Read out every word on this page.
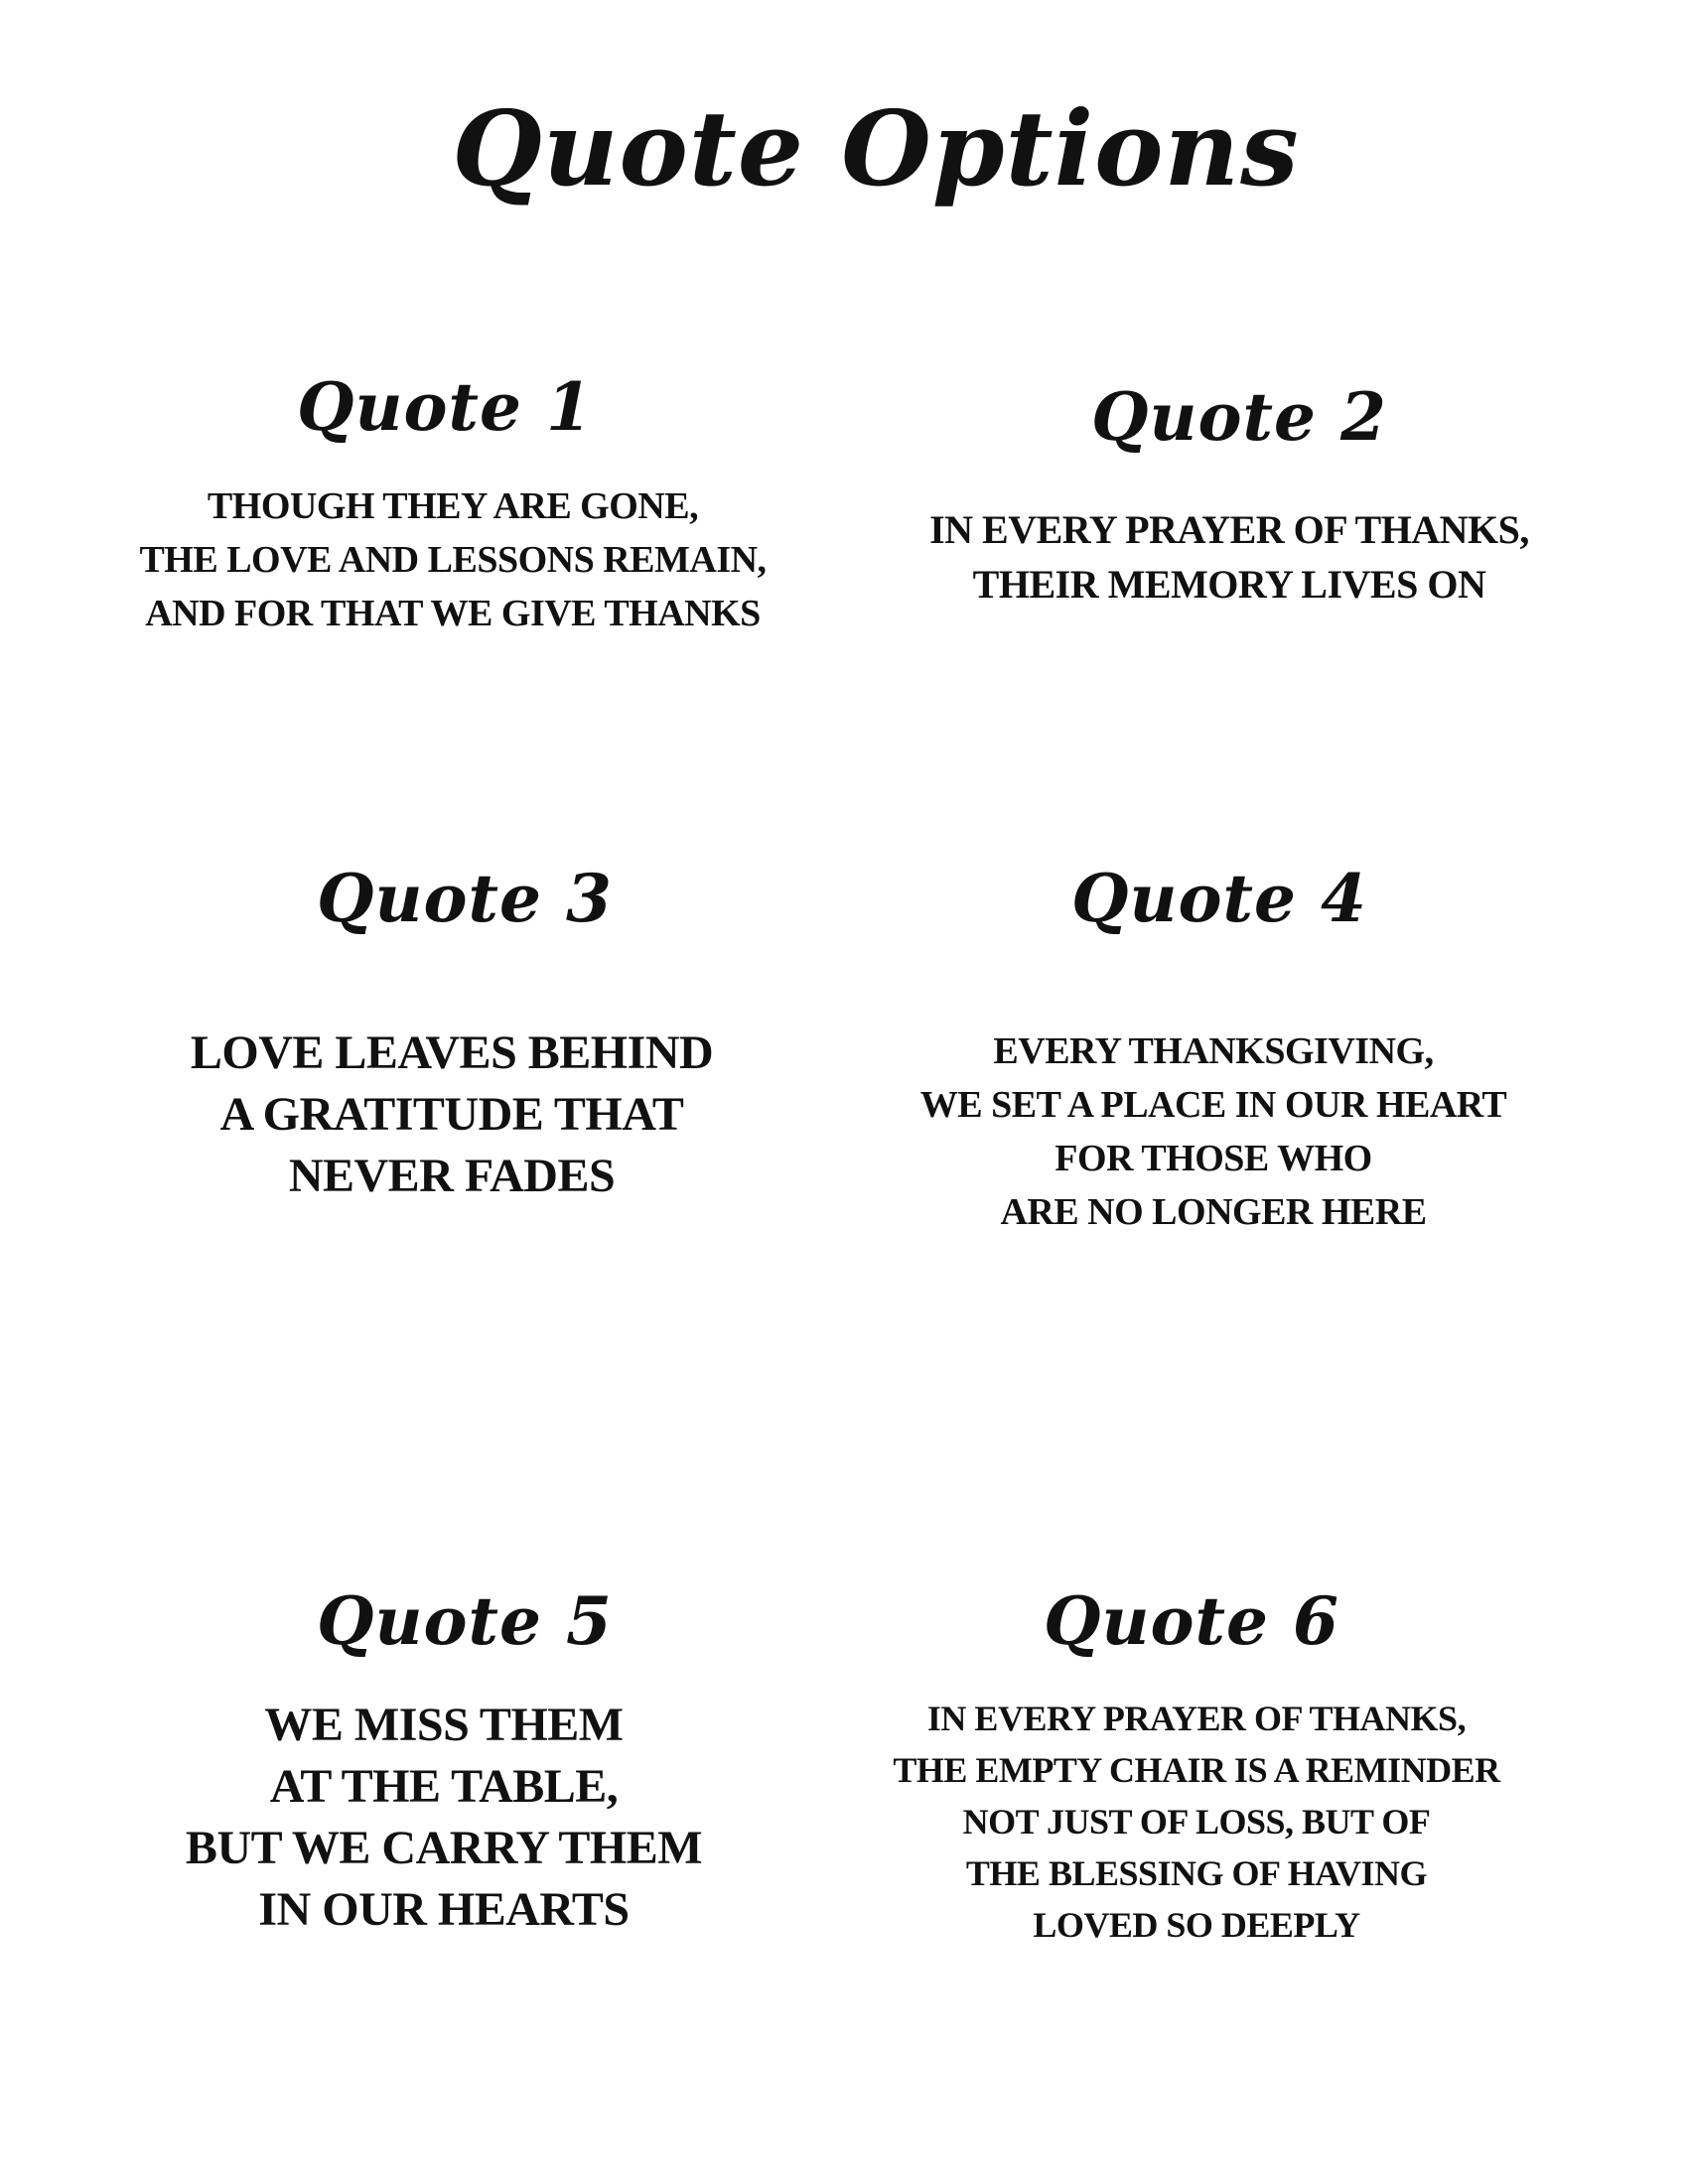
Quote Options
Quote 1
THOUGH THEY ARE GONE,
THE LOVE AND LESSONS REMAIN,
AND FOR THAT WE GIVE THANKS
Quote 2
IN EVERY PRAYER OF THANKS,
THEIR MEMORY LIVES ON
Quote 3
LOVE LEAVES BEHIND
A GRATITUDE THAT
NEVER FADES
Quote 4
EVERY THANKSGIVING,
WE SET A PLACE IN OUR HEART
FOR THOSE WHO
ARE NO LONGER HERE
Quote 5
WE MISS THEM
AT THE TABLE,
BUT WE CARRY THEM
IN OUR HEARTS
Quote 6
IN EVERY PRAYER OF THANKS,
THE EMPTY CHAIR IS A REMINDER
NOT JUST OF LOSS, BUT OF
THE BLESSING OF HAVING
LOVED SO DEEPLY
